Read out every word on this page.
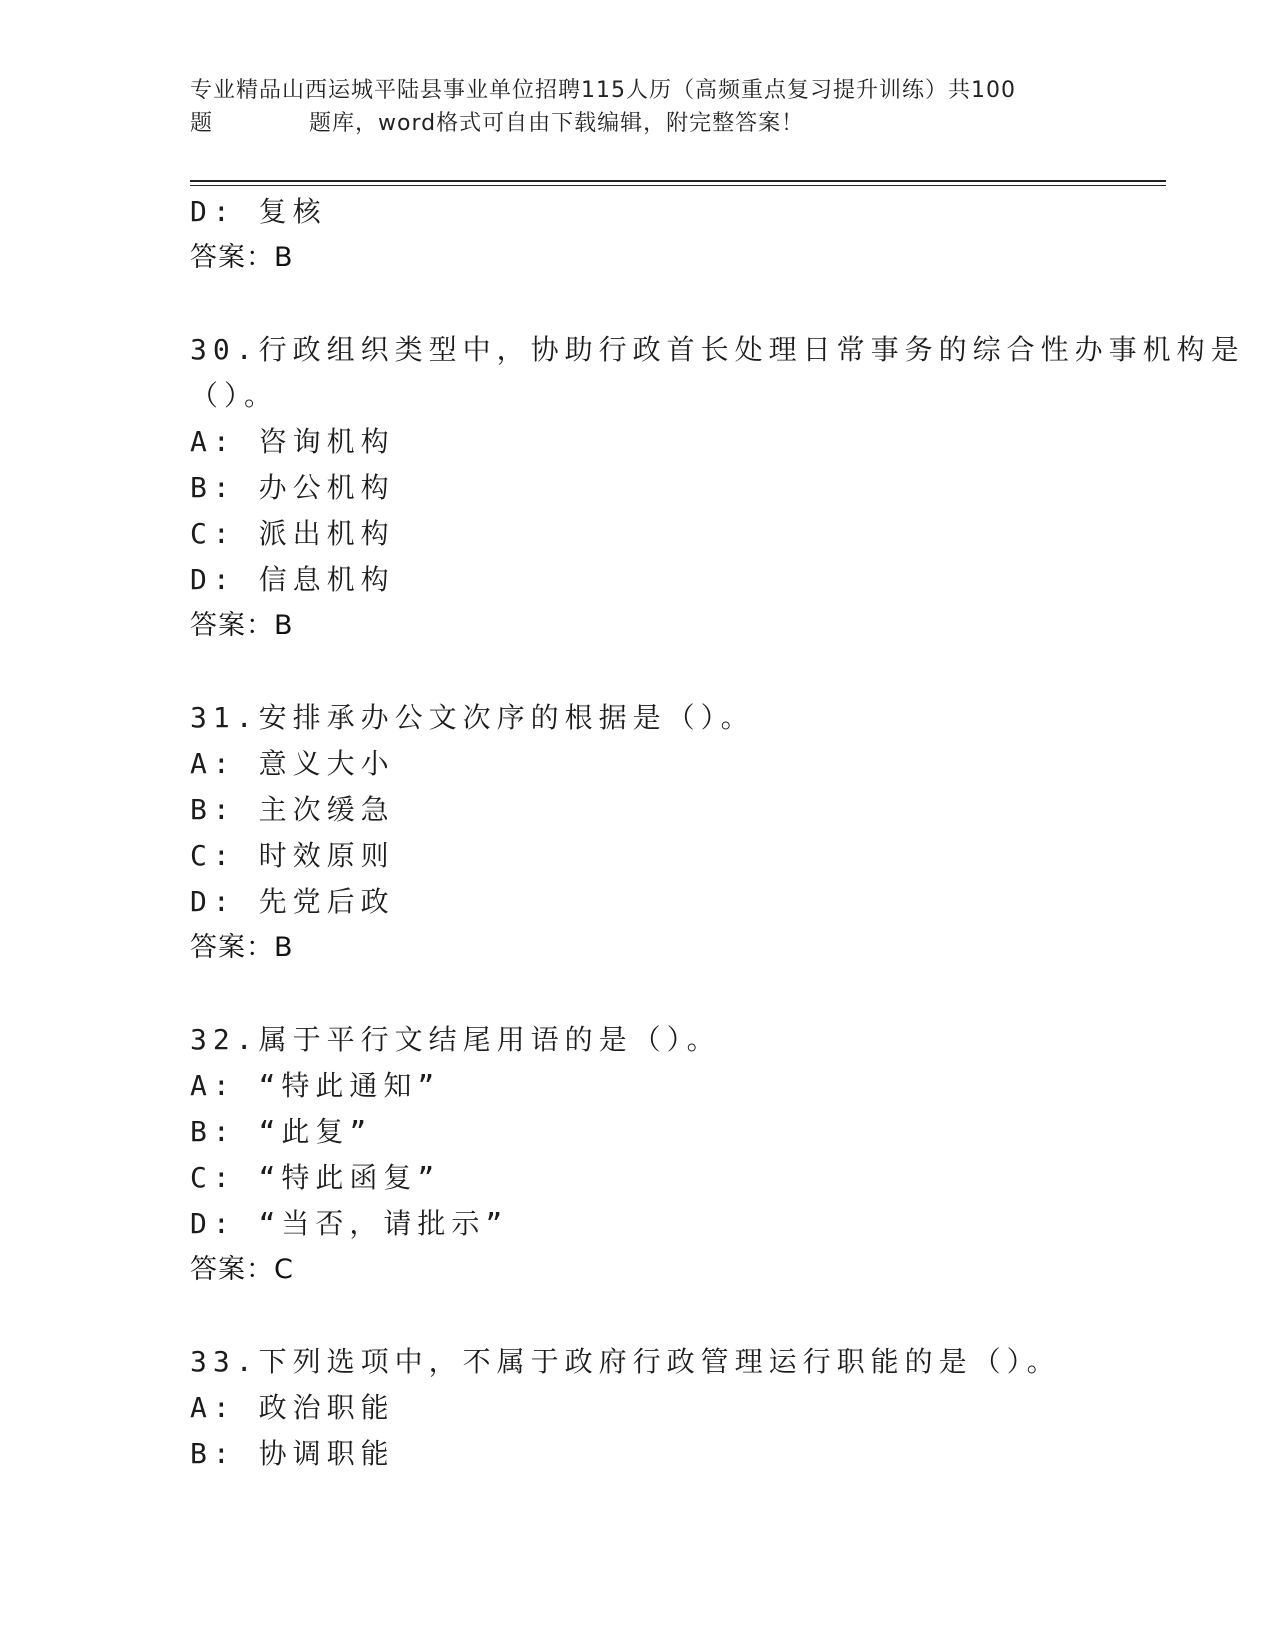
专业精品山西运城平陆县事业单位招聘115人历（高频重点复习提升训练）共100
题	题库，word格式可自由下载编辑，附完整答案！
D: 复核
答案：B
30.行政组织类型中，协助行政首长处理日常事务的综合性办事机构是
（）。
A: 咨询机构
B: 办公机构
C: 派出机构
D: 信息机构
答案：B
31.安排承办公文次序的根据是（）。
A: 意义大小
B: 主次缓急
C: 时效原则
D: 先党后政
答案：B
32.属于平行文结尾用语的是（）。
A: “特此通知”
B: “此复”
C: “特此函复”
D: “当否，请批示”
答案：C
33.下列选项中，不属于政府行政管理运行职能的是（）。
A: 政治职能
B: 协调职能
